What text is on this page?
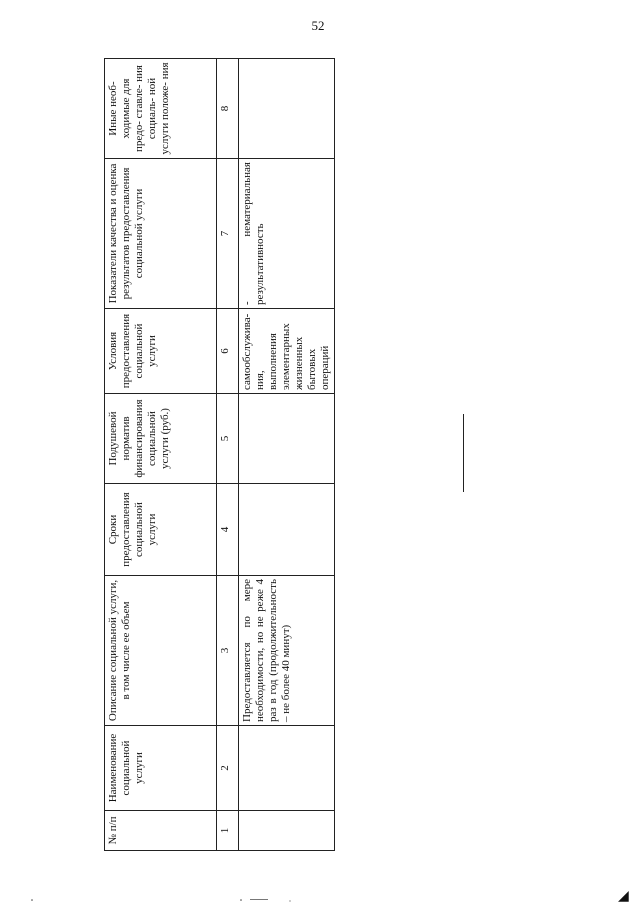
52
№ п/п	Наименование социальной услуги	Описание социальной услуги, в том числе ее объем	Сроки предоставления социальной услуги	Подушевой норматив финансирования социальной услуги (руб.)	Условия предоставления социальной услуги	Показатели качества и оценка результатов предоставления социальной услуги	Иные необ- ходимые для предо- ставле- ния социаль- ной услуги положе- ния
1	2	3	4	5	6	7	8
		Предоставляется по мере необходимости, но не реже 4 раз в год (продолжительность – не более 40 минут)			самообслужива- ния, выполнения элементарных жизненных бытовых операций	- нематериальная результативность	
◢
